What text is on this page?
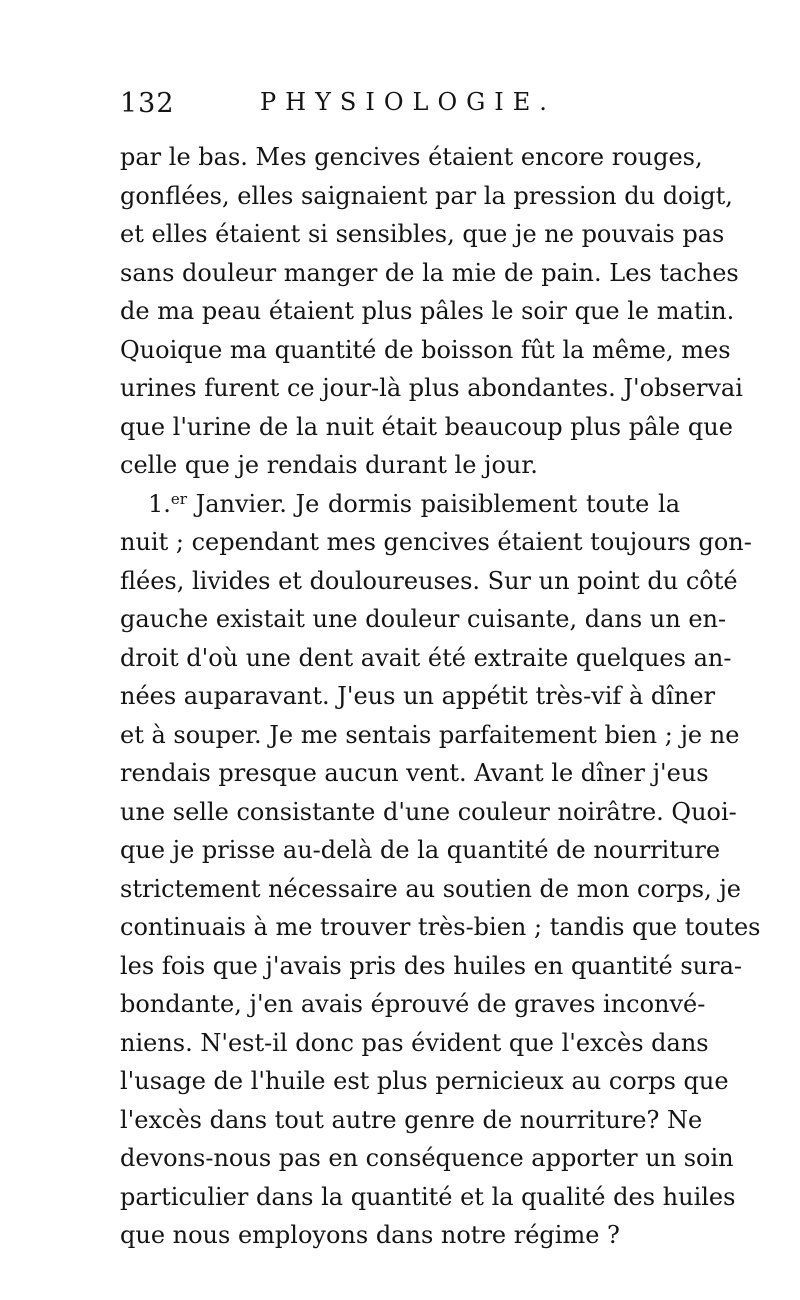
132	PHYSIOLOGIE.
par le bas. Mes gencives étaient encore rouges,
gonflées, elles saignaient par la pression du doigt,
et elles étaient si sensibles, que je ne pouvais pas
sans douleur manger de la mie de pain. Les taches
de ma peau étaient plus pâles le soir que le matin.
Quoique ma quantité de boisson fût la même, mes
urines furent ce jour-là plus abondantes. J'observai
que l'urine de la nuit était beaucoup plus pâle que
celle que je rendais durant le jour.
1.$^{er}$ Janvier. Je dormis paisiblement toute la
nuit ; cependant mes gencives étaient toujours gon-
flées, livides et douloureuses. Sur un point du côté
gauche existait une douleur cuisante, dans un en-
droit d'où une dent avait été extraite quelques an-
nées auparavant. J'eus un appétit très-vif à dîner
et à souper. Je me sentais parfaitement bien ; je ne
rendais presque aucun vent. Avant le dîner j'eus
une selle consistante d'une couleur noirâtre. Quoi-
que je prisse au-delà de la quantité de nourriture
strictement nécessaire au soutien de mon corps, je
continuais à me trouver très-bien ; tandis que toutes
les fois que j'avais pris des huiles en quantité sura-
bondante, j'en avais éprouvé de graves inconvé-
niens. N'est-il donc pas évident que l'excès dans
l'usage de l'huile est plus pernicieux au corps que
l'excès dans tout autre genre de nourriture? Ne
devons-nous pas en conséquence apporter un soin
particulier dans la quantité et la qualité des huiles
que nous employons dans notre régime ?
